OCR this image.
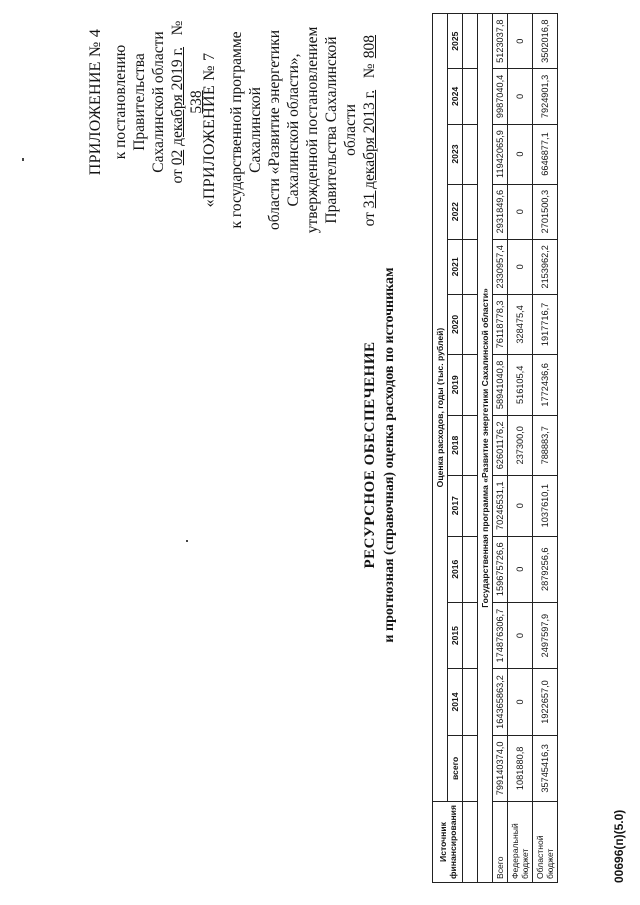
ПРИЛОЖЕНИЕ № 4 к постановлению Правительства Сахалинской области
от 02 декабря 2019 г.   № 538
«ПРИЛОЖЕНИЕ № 7 к государственной программе Сахалинской области «Развитие энергетики Сахалинской области», утвержденной постановлением Правительства Сахалинской области
от 31 декабря 2013 г.   № 808
РЕСУРСНОЕ ОБЕСПЕЧЕНИЕ и прогнозная (справочная) оценка расходов по источникам
Источник финансирования	Оценка расходов, годы (тыс. рублей)												
	всего	2014	2015	2016	2017	2018	2019	2020	2021	2022	2023	2024	2025

Государственная программа «Развитие энергетики Сахалинской области»													
Всего	799140374,0	164365863,2	174876306,7	159675726,6	70246531,1	62601176,2	58941040,8	76118778,3	2330957,4	2931849,6	11942065,9	9987040,4	5123037,8
Федеральный бюджет	1081880,8	0	0	0	0	237300,0	516105,4	328475,4	0	0	0	0	0
Областной бюджет	35745416,3	1922657,0	2497597,9	2879256,6	1037610,1	788883,7	1772436,6	1917716,7	2153962,2	2701500,3	6646877,1	7924901,3	3502016,8
00696(п)(5.0)
